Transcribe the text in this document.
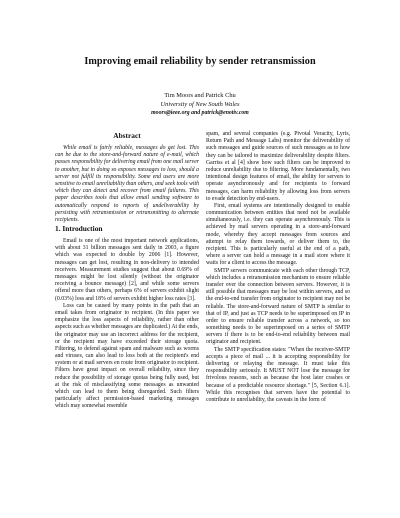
Improving email reliability by sender retransmission
Tim Moors and Patrick Chu
University of New South Wales
moors@ieee.org and patrick@enotiv.com
Abstract

While email is fairly reliable, messages do get lost. This can be due to the store-and-forward nature of e-mail, which passes responsibility for delivering email from one mail server to another, but in doing so exposes messages to loss, should a server not fulfill its responsibility. Some end users are more sensitive to email unreliability than others, and seek tools with which they can detect and recover from email failures. This paper describes tools that allow email sending software to automatically respond to reports of undeliverability by persisting with retransmission or retransmitting to alternate recipients.

1. Introduction

Email is one of the most important network applications, with about 31 billion messages sent daily in 2003, a figure which was expected to double by 2006 [1]. However, messages can get lost, resulting in non-delivery to intended receivers. Measurement studies suggest that about 0.69% of messages might be lost silently (without the originator receiving a bounce message) [2], and while some servers offend more than others, perhaps 6% of servers exhibit slight (0.03%) loss and 18% of servers exhibit higher loss rates [3].

Loss can be caused by many points in the path that an email takes from originator to recipient. (In this paper we emphasize the loss aspects of reliability, rather than other aspects such as whether messages are duplicated.) At the ends, the originator may use an incorrect address for the recipient, or the recipient may have exceeded their storage quota. Filtering, to defend against spam and malware such as worms and viruses, can also lead to loss both at the recipient's end system or at mail servers en route from originator to recipient. Filters have great impact on overall reliability, since they reduce the possibility of storage quotas being fully used, but at the risk of misclassifying some messages as unwanted which can lead to them being disregarded. Such filters particularly affect permission-based marketing messages which may somewhat resemble

spam, and several companies (e.g. Pivotal Veracity, Lyris, Return Path and Message Labs) monitor the deliverability of such messages and guide sources of such messages as to how they can be tailored to maximize deliverability despite filters. Garriss et al [4] show how such filters can be improved to reduce unreliability due to filtering. More fundamentally, two intentional design features of email, the ability for servers to operate asynchronously and for recipients to forward messages, can harm reliability by allowing loss from servers to evade detection by end-users.

First, email systems are intentionally designed to enable communication between entities that need not be available simultaneously, i.e. they can operate asynchronously. This is achieved by mail servers operating in a store-and-forward mode, whereby they accept messages from sources and attempt to relay them towards, or deliver them to, the recipient. This is particularly useful at the end of a path, where a server can hold a message in a mail store where it waits for a client to access the message.

SMTP servers communicate with each other through TCP, which includes a retransmission mechanism to ensure reliable transfer over the connection between servers. However, it is still possible that messages may be lost within servers, and so the end-to-end transfer from originator to recipient may not be reliable. The store-and-forward nature of SMTP is similar to that of IP, and just as TCP needs to be superimposed on IP in order to ensure reliable transfer across a network, so too something needs to be superimposed on a series of SMTP servers if there is to be end-to-end reliability between mail originator and recipient.

The SMTP specification states: "When the receiver-SMTP accepts a piece of mail ... it is accepting responsibility for delivering or relaying the message. It must take this responsibility seriously. It MUST NOT lose the message for frivolous reasons, such as because the host later crashes or because of a predictable resource shortage." [5, Section 6.1]. While this recognises that servers have the potential to contribute to unreliability, the caveats in the form of
